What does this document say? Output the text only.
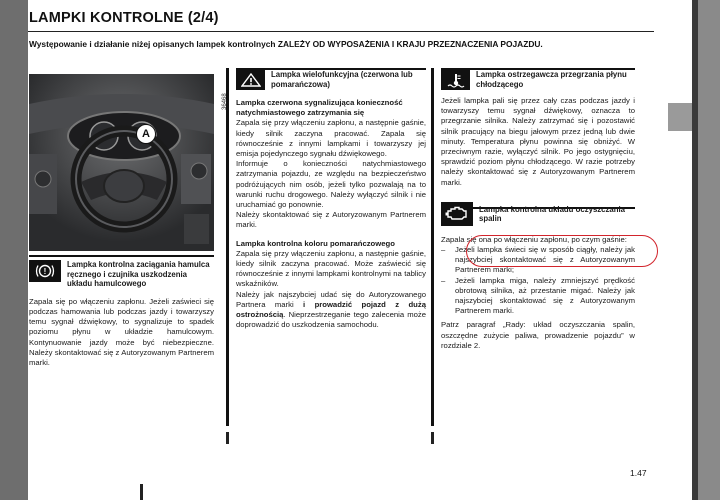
LAMPKI KONTROLNE (2/4)
Występowanie i działanie niżej opisanych lampek kontrolnych ZALEŻY OD WYPOSAŻENIA I KRAJU PRZEZNACZENIA POJAZDU.
A
36468
!
Lampka kontrolna zaciągania hamulca ręcznego i czujnika uszkodzenia układu hamulcowego

Zapala się po włączeniu zapłonu. Jeżeli zaświeci się podczas hamowania lub podczas jazdy i towarzyszy temu sygnał dźwiękowy, to sygnalizuje to spadek poziomu płynu w układzie hamulcowym. Kontynuowanie jazdy może być niebezpieczne. Należy skontaktować się z Autoryzowanym Partnerem marki.

Lampka wielofunkcyjna (czerwona lub pomarańczowa)

Lampka czerwona sygnalizująca konieczność natychmiastowego zatrzymania się

Zapala się przy włączeniu zapłonu, a następnie gaśnie, kiedy silnik zaczyna pracować. Zapala się równocześnie z innymi lampkami i towarzyszy jej emisja pojedynczego sygnału dźwiękowego.

Informuje o konieczności natychmiastowego zatrzymania pojazdu, ze względu na bezpieczeństwo podróżujących nim osób, jeżeli tylko pozwalają na to warunki ruchu drogowego. Należy wyłączyć silnik i nie uruchamiać go ponownie.

Należy skontaktować się z Autoryzowanym Partnerem marki.

Lampka kontrolna koloru pomarańczowego

Zapala się przy włączeniu zapłonu, a następnie gaśnie, kiedy silnik zaczyna pracować. Może zaświecić się równocześnie z innymi lampkami kontrolnymi na tablicy wskaźników.

Należy jak najszybciej udać się do Autoryzowanego Partnera marki i prowadzić pojazd z dużą ostrożnością. Nieprzestrzeganie tego zalecenia może doprowadzić do uszkodzenia samochodu.

Lampka ostrzegawcza przegrzania płynu chłodzącego

Jeżeli lampka pali się przez cały czas podczas jazdy i towarzyszy temu sygnał dźwiękowy, oznacza to przegrzanie silnika. Należy zatrzymać się i pozostawić silnik pracujący na biegu jałowym przez jedną lub dwie minuty. Temperatura płynu powinna się obniżyć. W przeciwnym razie, wyłączyć silnik. Po jego ostygnięciu, sprawdzić poziom płynu chłodzącego. W razie potrzeby należy skontaktować się z Autoryzowanym Partnerem marki.

Lampka kontrolna układu oczyszczania spalin

Zapala się ona po włączeniu zapłonu, po czym gaśnie:

– Jeżeli lampka świeci się w sposób ciągły, należy jak najszybciej skontaktować się z Autoryzowanym Partnerem marki;
– Jeżeli lampka miga, należy zmniejszyć prędkość obrotową silnika, aż przestanie migać. Należy jak najszybciej skontaktować się z Autoryzowanym Partnerem marki.

Patrz paragraf „Rady: układ oczyszczania spalin, oszczędne zużycie paliwa, prowadzenie pojazdu” w rozdziale 2.

1.47
